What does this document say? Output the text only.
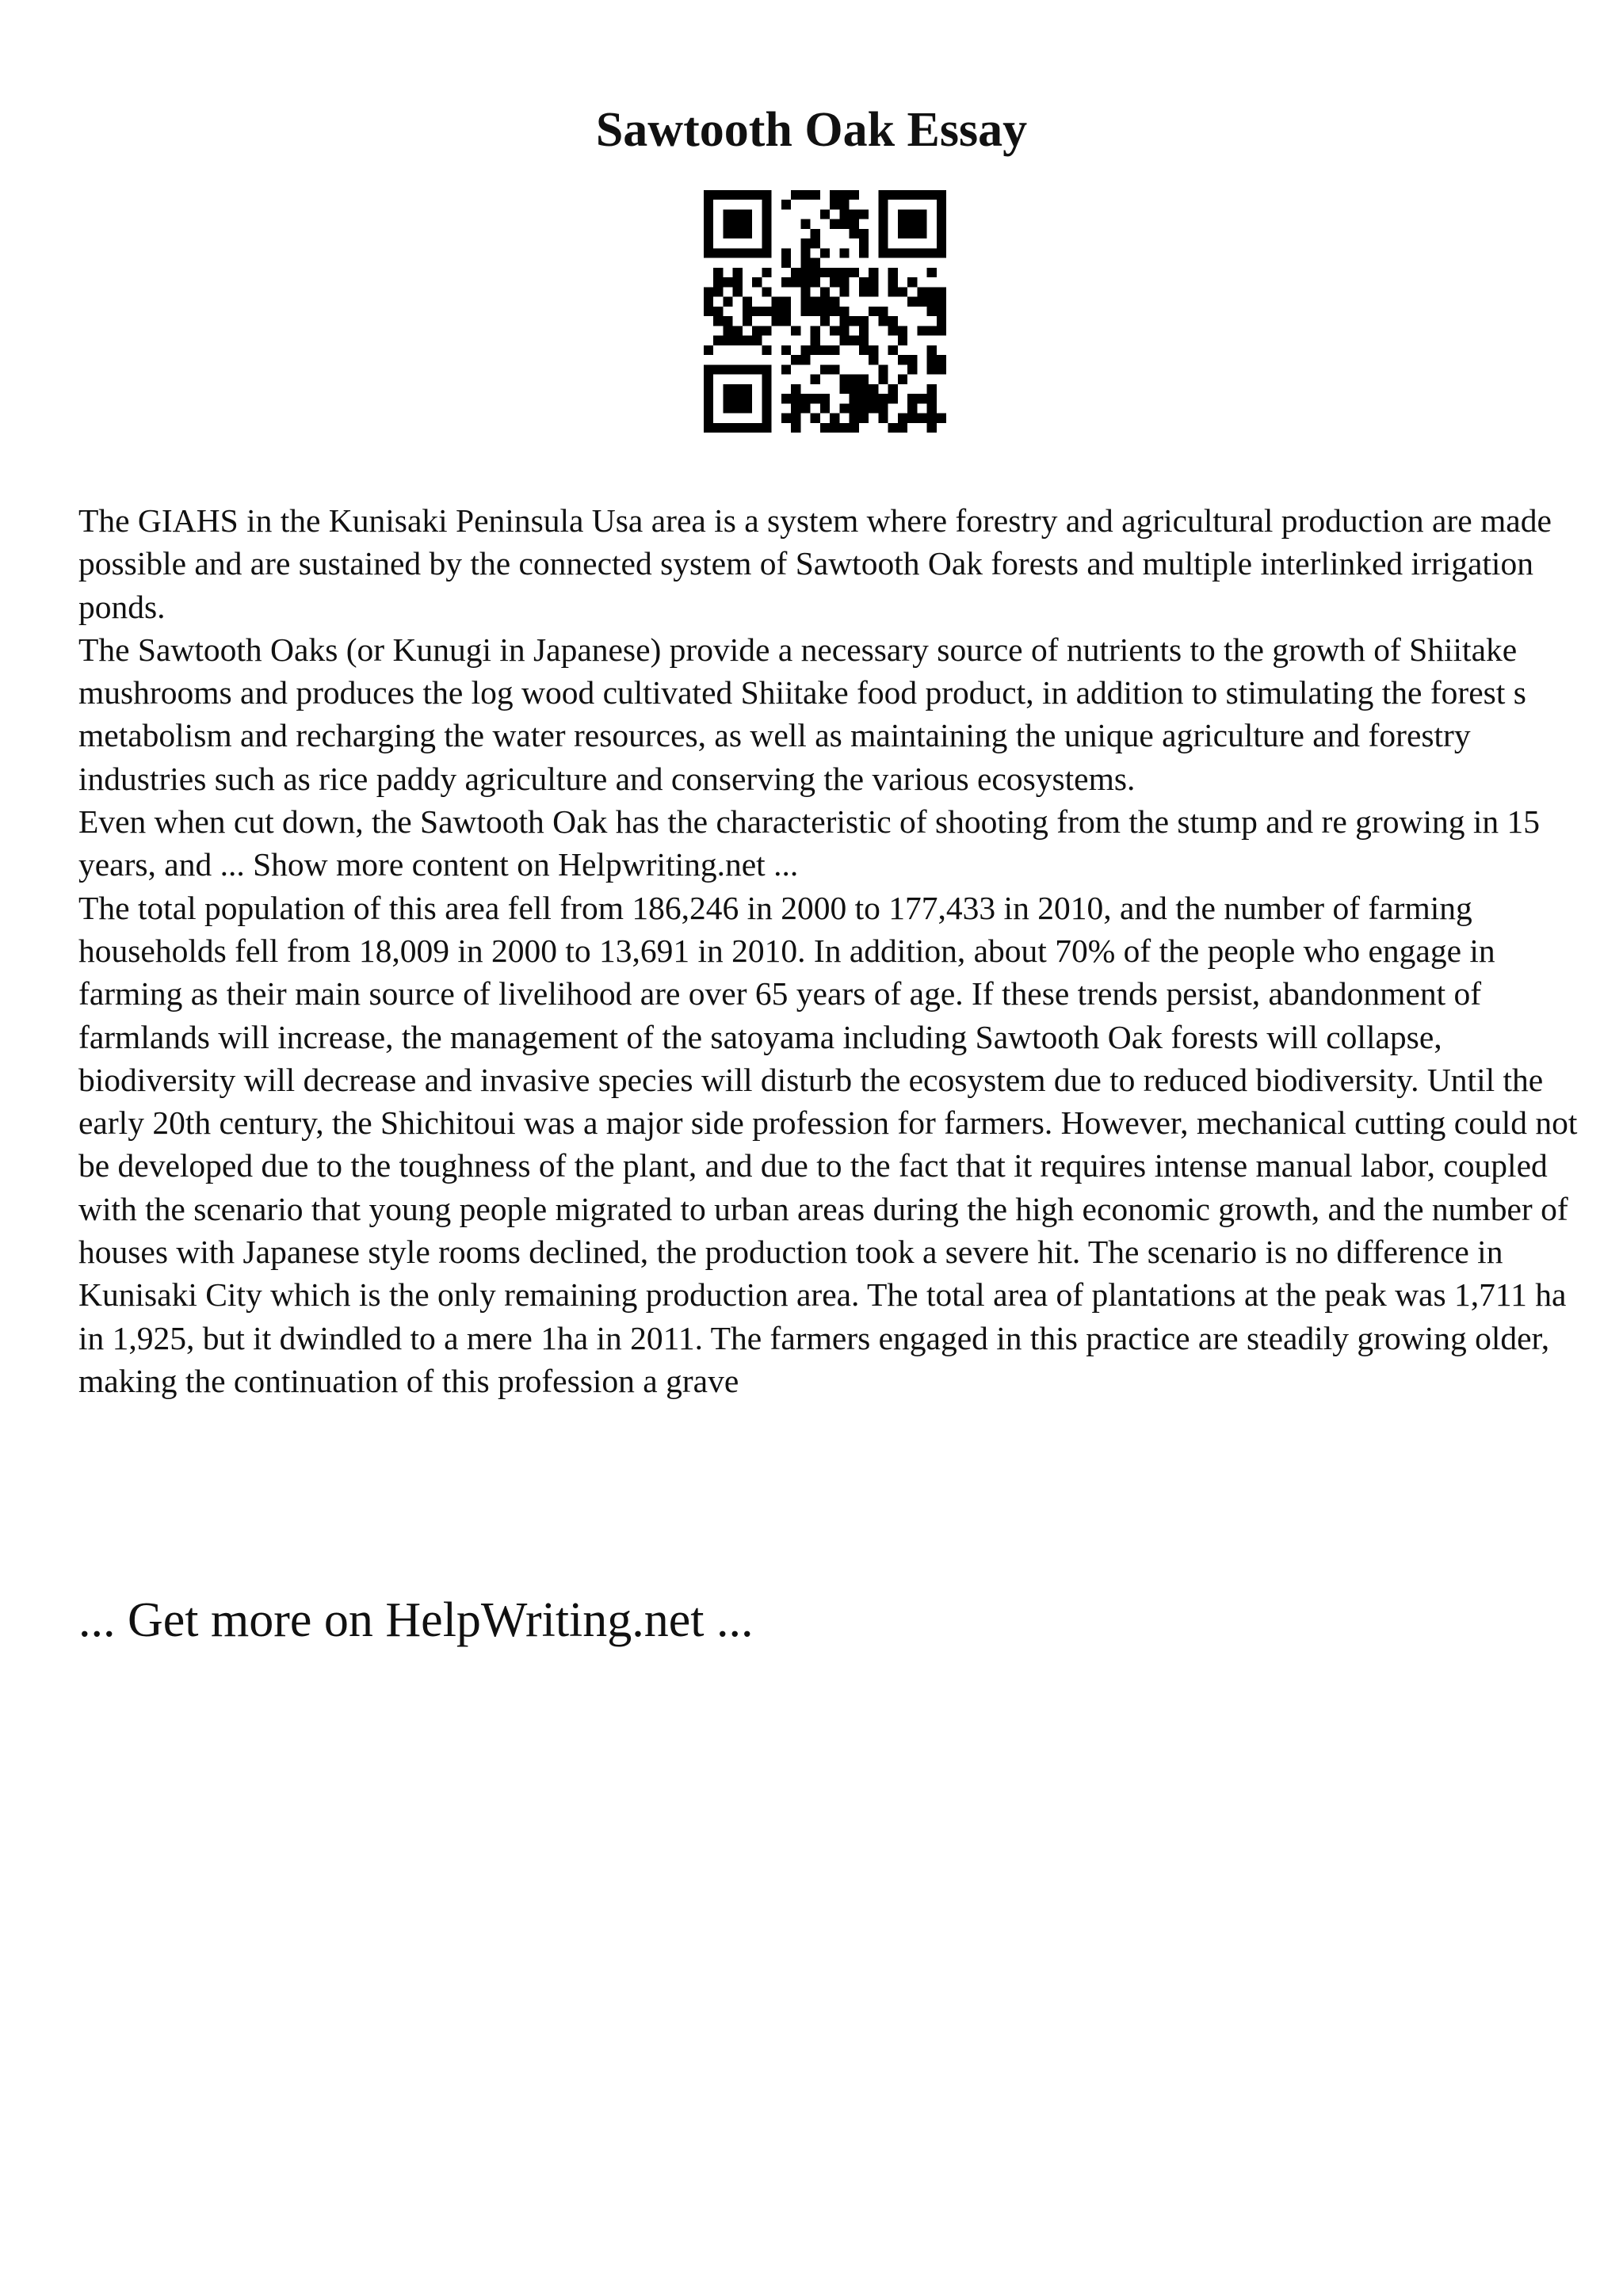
Sawtooth Oak Essay

The GIAHS in the Kunisaki Peninsula Usa area is a system where forestry and agricultural production are made possible and are sustained by the connected system of Sawtooth Oak forests and multiple interlinked irrigation ponds.

The Sawtooth Oaks (or Kunugi in Japanese) provide a necessary source of nutrients to the growth of Shiitake mushrooms and produces the log wood cultivated Shiitake food product, in addition to stimulating the forest s metabolism and recharging the water resources, as well as maintaining the unique agriculture and forestry industries such as rice paddy agriculture and conserving the various ecosystems.

Even when cut down, the Sawtooth Oak has the characteristic of shooting from the stump and re growing in 15 years, and ... Show more content on Helpwriting.net ...

The total population of this area fell from 186,246 in 2000 to 177,433 in 2010, and the number of farming households fell from 18,009 in 2000 to 13,691 in 2010. In addition, about 70% of the people who engage in farming as their main source of livelihood are over 65 years of age. If these trends persist, abandonment of farmlands will increase, the management of the satoyama including Sawtooth Oak forests will collapse, biodiversity will decrease and invasive species will disturb the ecosystem due to reduced biodiversity. Until the early 20th century, the Shichitoui was a major side profession for farmers. However, mechanical cutting could not be developed due to the toughness of the plant, and due to the fact that it requires intense manual labor, coupled with the scenario that young people migrated to urban areas during the high economic growth, and the number of houses with Japanese style rooms declined, the production took a severe hit. The scenario is no difference in Kunisaki City which is the only remaining production area. The total area of plantations at the peak was 1,711 ha in 1,925, but it dwindled to a mere 1ha in 2011. The farmers engaged in this practice are steadily growing older, making the continuation of this profession a grave

... Get more on HelpWriting.net ...
